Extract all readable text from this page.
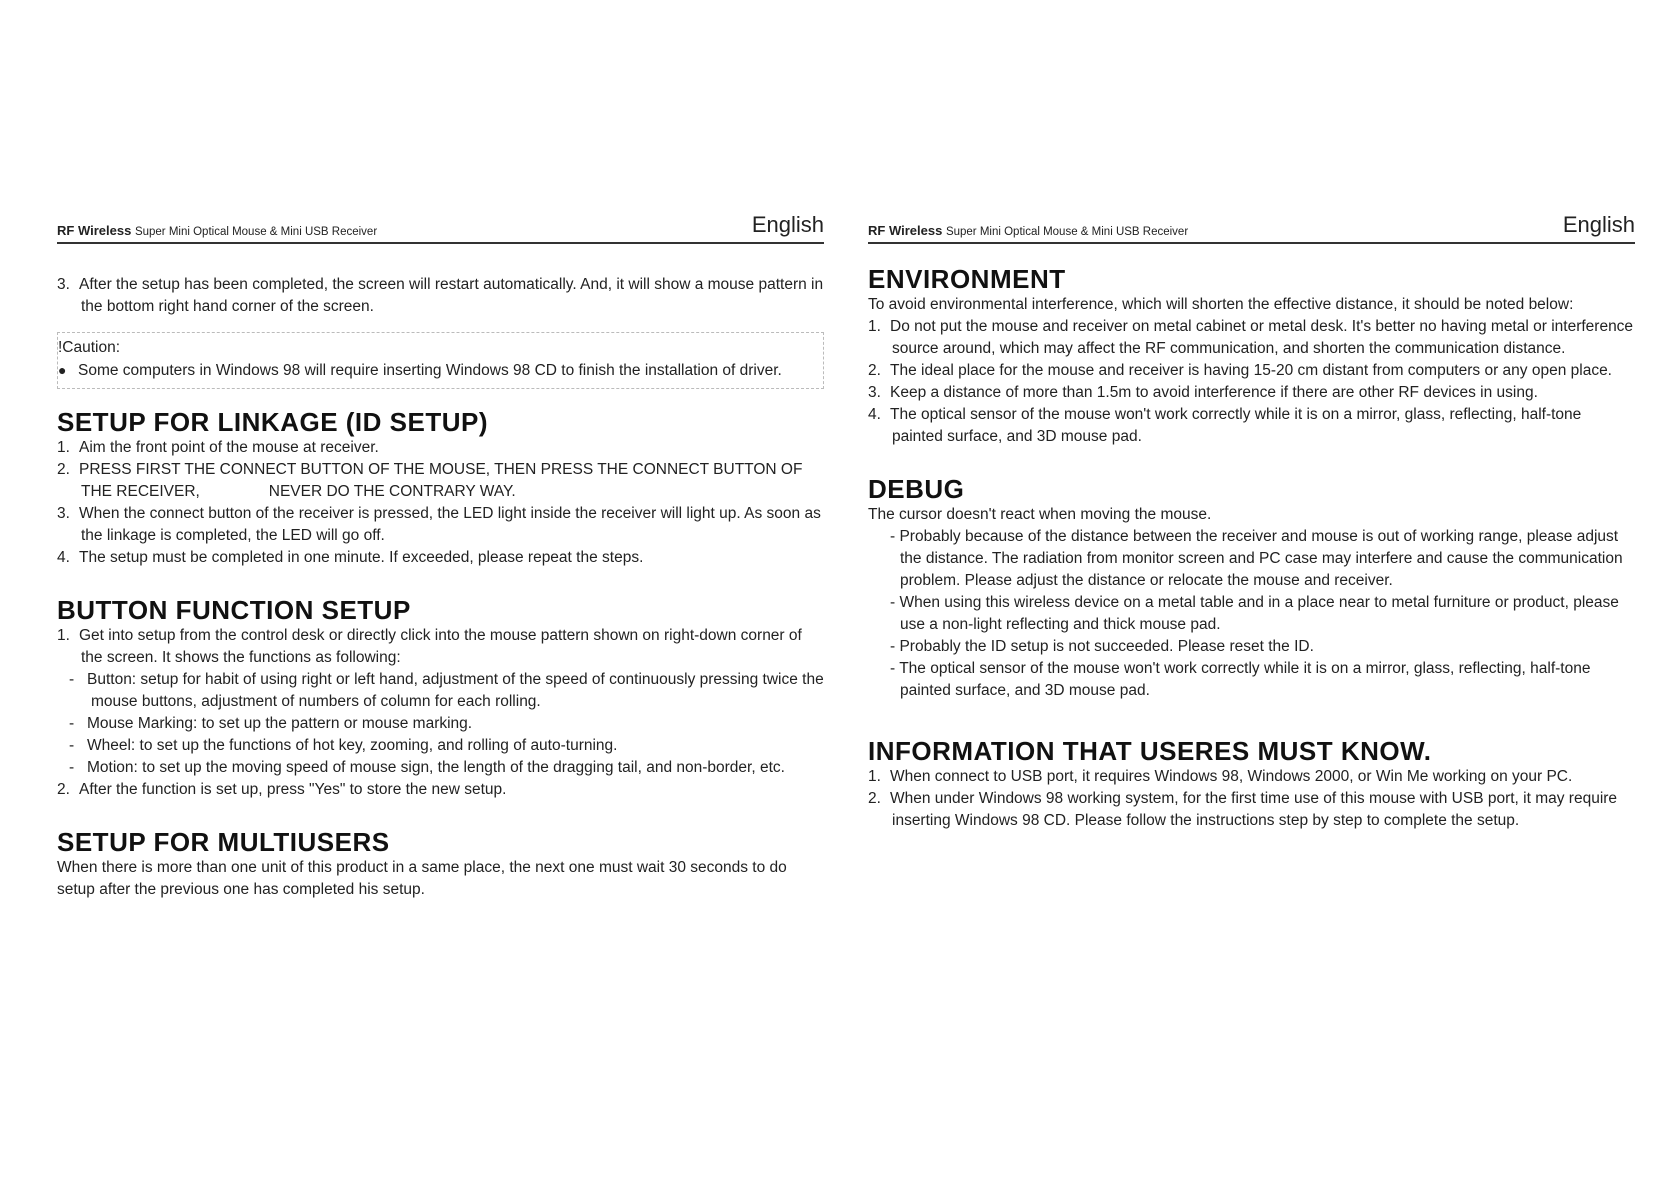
RF Wireless Super Mini Optical Mouse & Mini USB Receiver	English

3. After the setup has been completed, the screen will restart automatically. And, it will show a mouse pattern in the bottom right hand corner of the screen.

!Caution:

● Some computers in Windows 98 will require inserting Windows 98 CD to finish the installation of driver.

SETUP FOR LINKAGE (ID SETUP)
1. Aim the front point of the mouse at receiver.
2. PRESS FIRST THE CONNECT BUTTON OF THE MOUSE, THEN PRESS THE CONNECT BUTTON OF THE RECEIVER,                NEVER DO THE CONTRARY WAY.
3. When the connect button of the receiver is pressed, the LED light inside the receiver will light up. As soon as the linkage is completed, the LED will go off.
4. The setup must be completed in one minute. If exceeded, please repeat the steps.
BUTTON FUNCTION SETUP

1. Get into setup from the control desk or directly click into the mouse pattern shown on right-down corner of the screen. It shows the functions as following:

- Button: setup for habit of using right or left hand, adjustment of the speed of continuously pressing twice the mouse buttons, adjustment of numbers of column for each rolling.
- Mouse Marking: to set up the pattern or mouse marking.
- Wheel: to set up the functions of hot key, zooming, and rolling of auto-turning.
- Motion: to set up the moving speed of mouse sign, the length of the dragging tail, and non-border, etc.

2. After the function is set up, press "Yes" to store the new setup.

SETUP FOR MULTIUSERS

When there is more than one unit of this product in a same place, the next one must wait 30 seconds to do setup after the previous one has completed his setup.

RF Wireless Super Mini Optical Mouse & Mini USB Receiver	English
ENVIRONMENT

To avoid environmental interference, which will shorten the effective distance, it should be noted below:

1. Do not put the mouse and receiver on metal cabinet or metal desk. It's better no having metal or interference source around, which may affect the RF communication, and shorten the communication distance.
2. The ideal place for the mouse and receiver is having 15-20 cm distant from computers or any open place.
3. Keep a distance of more than 1.5m to avoid interference if there are other RF devices in using.
4. The optical sensor of the mouse won't work correctly while it is on a mirror, glass, reflecting, half-tone painted surface, and 3D mouse pad.
DEBUG

The cursor doesn't react when moving the mouse.

- Probably because of the distance between the receiver and mouse is out of working range, please adjust the distance. The radiation from monitor screen and PC case may interfere and cause the communication problem. Please adjust the distance or relocate the mouse and receiver.
- When using this wireless device on a metal table and in a place near to metal furniture or product, please use a non-light reflecting and thick mouse pad.
- Probably the ID setup is not succeeded. Please reset the ID.
- The optical sensor of the mouse won't work correctly while it is on a mirror, glass, reflecting, half-tone painted surface, and 3D mouse pad.
INFORMATION THAT USERES MUST KNOW.
1. When connect to USB port, it requires Windows 98, Windows 2000, or Win Me working on your PC.
2. When under Windows 98 working system, for the first time use of this mouse with USB port, it may require inserting Windows 98 CD. Please follow the instructions step by step to complete the setup.
